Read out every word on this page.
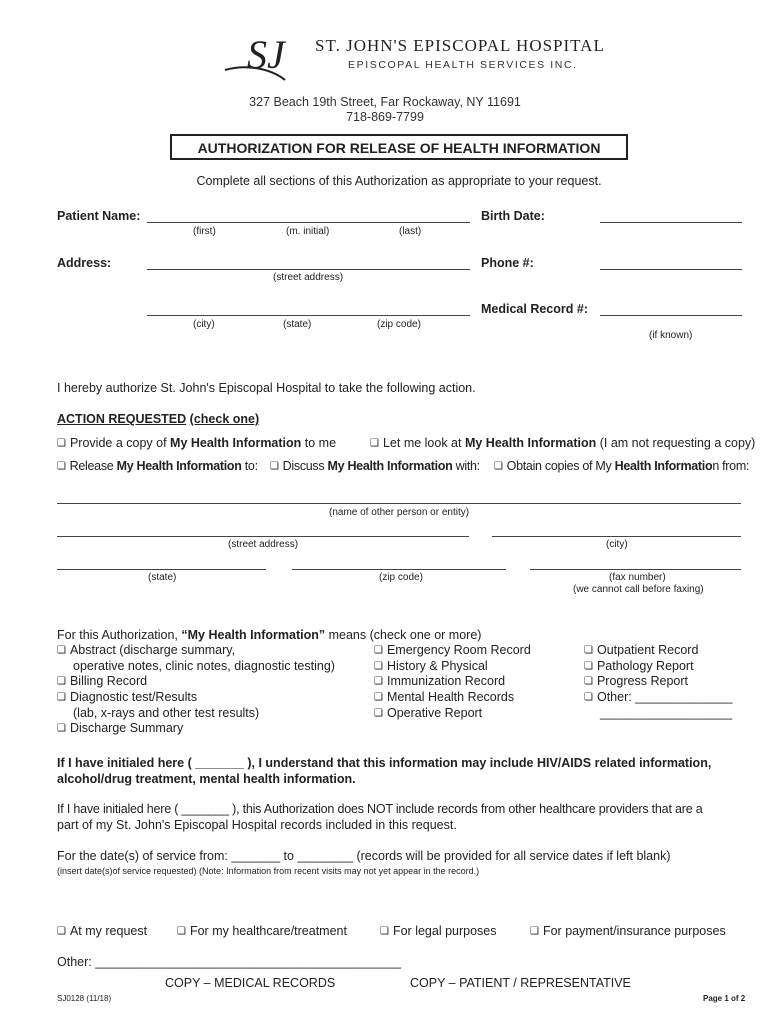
SJ ST. JOHN'S EPISCOPAL HOSPITAL
EPISCOPAL HEALTH SERVICES INC.
327 Beach 19th Street, Far Rockaway, NY 11691
718-869-7799
AUTHORIZATION FOR RELEASE OF HEALTH INFORMATION
Complete all sections of this Authorization as appropriate to your request.
Patient Name:
(first)	(m. initial)	(last)
Birth Date:
Address:
(street address)
Phone #:
(city)	(state)	(zip code)
Medical Record #:
(if known)
I hereby authorize St. John's Episcopal Hospital to take the following action.
ACTION REQUESTED (check one)
❏ Provide a copy of My Health Information to me	❏ Let me look at My Health Information (I am not requesting a copy)
❏ Release My Health Information to:	❏ Discuss My Health Information with:	❏ Obtain copies of My Health Information from:
(name of other person or entity)
(street address)	(city)
(state)	(zip code)	(fax number)
(we cannot call before faxing)
For this Authorization, “My Health Information” means (check one or more)
❏ Abstract (discharge summary,
operative notes, clinic notes, diagnostic testing)
❏ Billing Record
❏ Diagnostic test/Results
(lab, x-rays and other test results)
❏ Discharge Summary
❏ Emergency Room Record
❏ History & Physical
❏ Immunization Record
❏ Mental Health Records
❏ Operative Report
❏ Outpatient Record
❏ Pathology Report
❏ Progress Report
❏ Other: ______________
___________________
If I have initialed here ( _______ ), I understand that this information may include HIV/AIDS related information,
alcohol/drug treatment, mental health information.
If I have initialed here ( _______ ), this Authorization does NOT include records from other healthcare providers that are a
part of my St. John's Episcopal Hospital records included in this request.
For the date(s) of service from: _______ to ________ (records will be provided for all service dates if left blank)
(insert date(s)of service requested) (Note: Information from recent visits may not yet appear in the record.)
❏ At my request	❏ For my healthcare/treatment	❏ For legal purposes	❏ For payment/insurance purposes
Other: ____________________________________________
COPY – MEDICAL RECORDS	COPY – PATIENT / REPRESENTATIVE
SJ0128 (11/18)	Page 1 of 2
